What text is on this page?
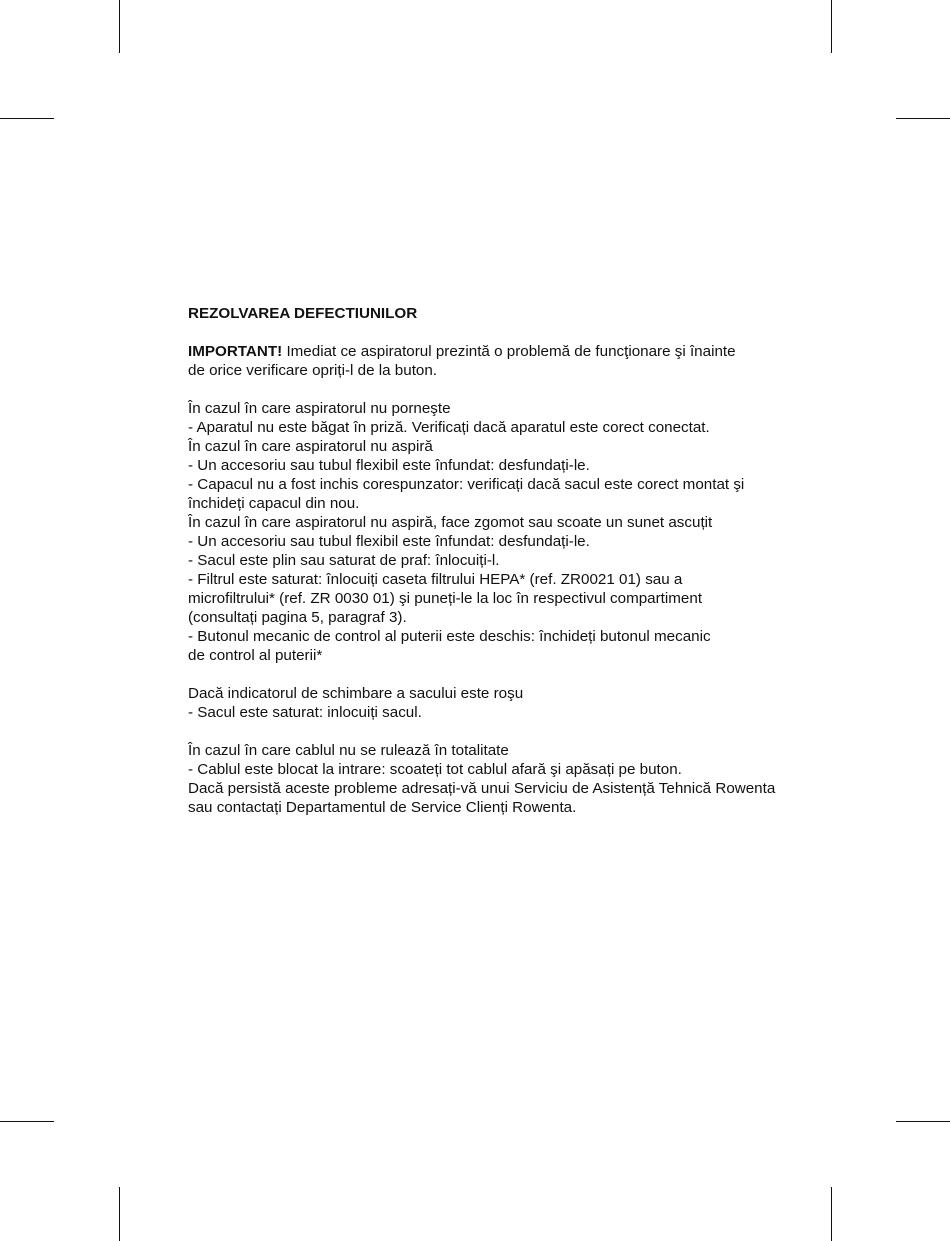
REZOLVAREA DEFECTIUNILOR
IMPORTANT! Imediat ce aspiratorul prezintă o problemă de funcţionare şi înainte de orice verificare opriți-l de la buton.
În cazul în care aspiratorul nu porneşte
- Aparatul nu este băgat în priză. Verificați dacă aparatul este corect conectat.
În cazul în care aspiratorul nu aspiră
- Un accesoriu sau tubul flexibil este înfundat: desfundați-le.
- Capacul nu a fost inchis corespunzator: verificați dacă sacul este corect montat şi închideți capacul din nou.
În cazul în care aspiratorul nu aspiră, face zgomot sau scoate un sunet ascuțit
- Un accesoriu sau tubul flexibil este înfundat: desfundați-le.
- Sacul este plin sau saturat de praf: înlocuiți-l.
- Filtrul este saturat: înlocuiți caseta filtrului HEPA* (ref. ZR0021 01) sau a microfiltrului* (ref. ZR 0030 01) şi puneți-le la loc în respectivul compartiment (consultați pagina 5, paragraf 3).
- Butonul mecanic de control al puterii este deschis: închideți butonul mecanic de control al puterii*
Dacă indicatorul de schimbare a sacului este roşu
- Sacul este saturat: inlocuiți sacul.
În cazul în care cablul nu se rulează în totalitate
- Cablul este blocat la intrare: scoateți tot cablul afară şi apăsați pe buton.
Dacă persistă aceste probleme adresați-vă unui Serviciu de Asistență Tehnică Rowenta sau contactați Departamentul de Service Clienți Rowenta.
